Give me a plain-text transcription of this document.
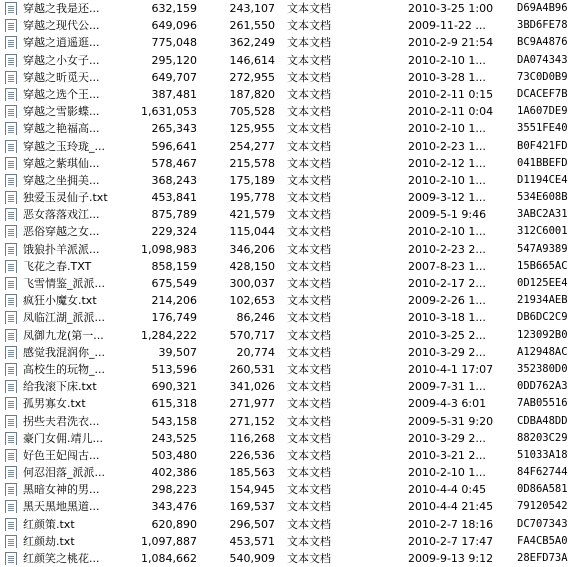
穿越之我是还...	632,159	243,107 文本文档	2010-3-25 1:00	D69A4B96
穿越之现代公...	649,096	261,550 文本文档	2009-11-22 ...	3BD6FE78
穿越之逍遥逛...	775,048	362,249 文本文档	2010-2-9 21:54	BC9A4876
穿越之小女子...	295,120	146,614 文本文档	2010-2-10 1...	DA074343
穿越之昕觅天...	649,707	272,955 文本文档	2010-3-28 1...	73C0D0B9
穿越之选个王...	387,481	187,820 文本文档	2010-2-11 0:15	DCACEF7B
穿越之雪影蝶...	1,631,053	705,528 文本文档	2010-2-11 0:04	1A607DE9
穿越之艳福高...	265,343	125,955 文本文档	2010-2-10 1...	3551FE40
穿越之玉玲珑_...	596,641	254,277 文本文档	2010-2-23 1...	B0F421FD
穿越之紫琪仙...	578,467	215,578 文本文档	2010-2-12 1...	041BBEFD
穿越之坐拥美...	368,243	175,189 文本文档	2010-2-10 1...	D1194CE4
独爱玉灵仙子.txt	453,841	195,778 文本文档	2009-3-12 1...	534E608B
恶女落落戏江...	875,789	421,579 文本文档	2009-5-1 9:46	3ABC2A31
恶俗穿越之女...	229,324	115,044 文本文档	2010-2-10 1...	312C6001
饿狼扑羊派派...	1,098,983	346,206 文本文档	2010-2-23 2...	547A9389
飞花之春.TXT	858,159	428,150 文本文档	2007-8-23 1...	15B665AC
飞雪情鉴_派派...	675,549	300,037 文本文档	2010-2-17 2...	0D125EE4
疯狂小魔女.txt	214,206	102,653 文本文档	2009-2-26 1...	21934AEB
凤临江湖_派派...	176,749	86,246 文本文档	2010-3-18 1...	DB6DC2C9
凤御九龙(第一...	1,284,222	570,717 文本文档	2010-3-25 2...	123092B0
感觉我混润你_...	39,507	20,774 文本文档	2010-3-29 2...	A12948AC
高校生的玩物_...	513,596	260,531 文本文档	2010-4-1 17:07	352380D0
给我滚下床.txt	690,321	341,026 文本文档	2009-7-31 1...	0DD762A3
孤男寡女.txt	615,318	271,977 文本文档	2009-4-3 6:01	7AB05516
拐些夫君洗衣...	543,158	271,152 文本文档	2009-5-31 9:20	CDBA48DD
豪门女佣.靖儿...	243,525	116,268 文本文档	2010-3-29 2...	88203C29
好色王妃闯古...	503,480	226,536 文本文档	2010-3-21 2...	51033A18
何忍泪落_派派...	402,386	185,563 文本文档	2010-2-10 1...	84F62744
黑暗女神的男...	298,223	154,945 文本文档	2010-4-4 0:45	0D86A581
黑天黑地黑道...	343,476	169,537 文本文档	2010-4-4 21:45	79120542
红颜策.txt	620,890	296,507 文本文档	2010-2-7 18:16	DC707343
红颜劫.txt	1,097,887	453,571 文本文档	2010-2-7 17:47	FA4CB5A0
红颜笑之桃花...	1,084,662	540,909 文本文档	2009-9-13 9:12	28EFD73A
